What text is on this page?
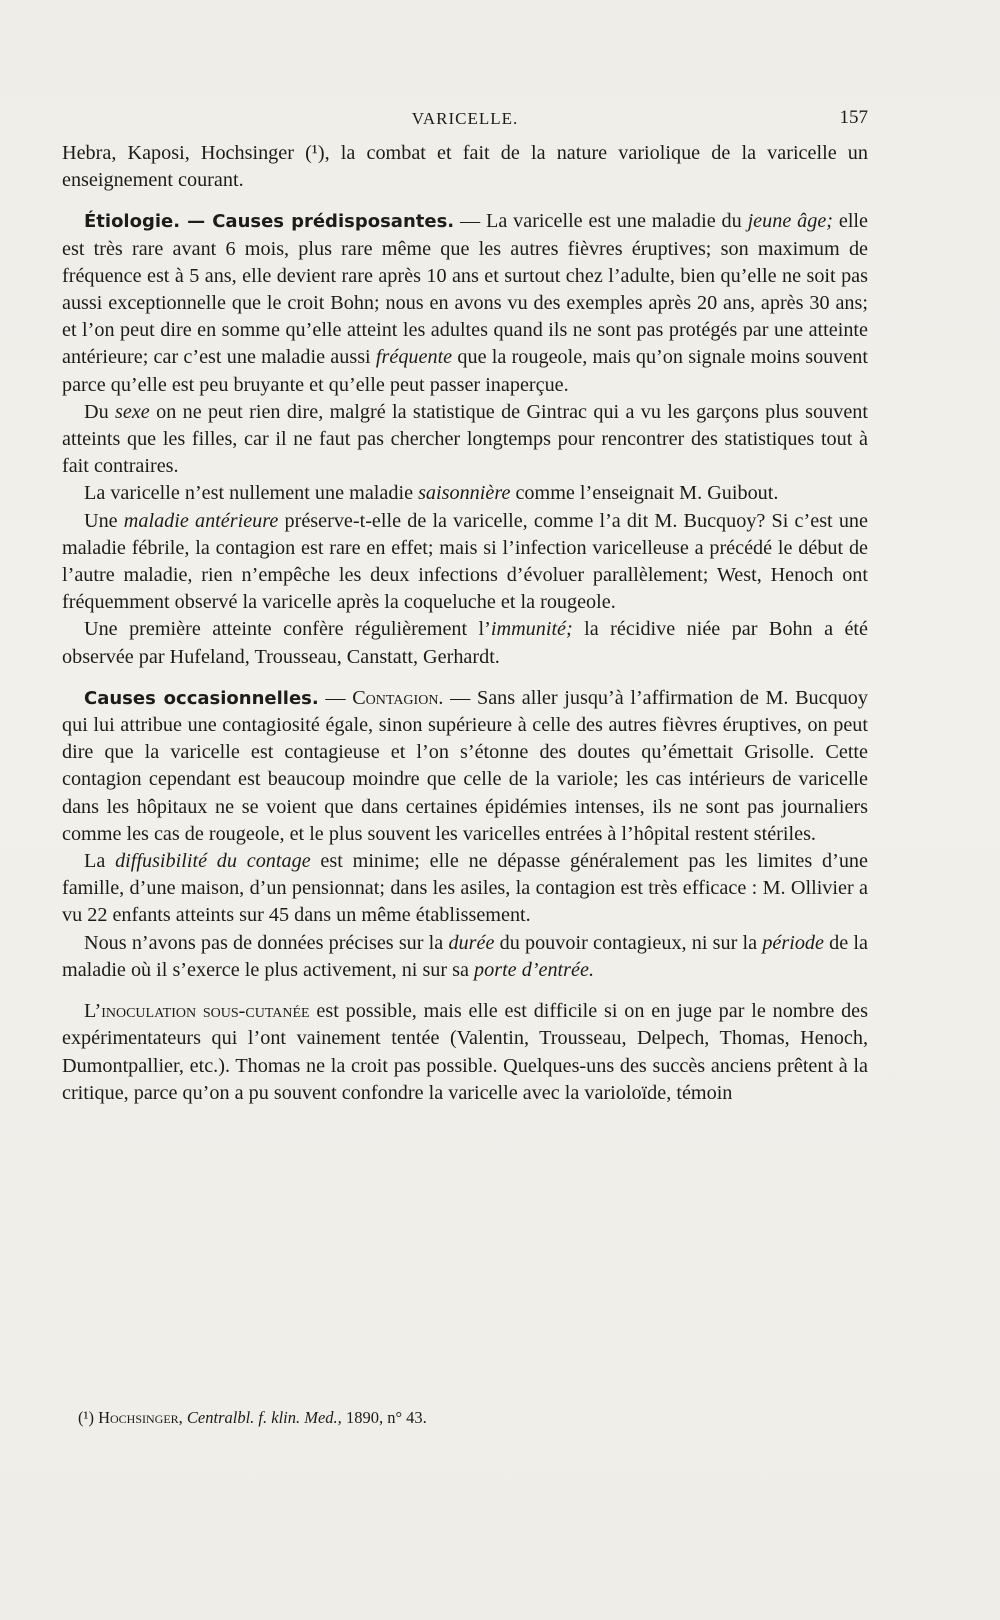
VARICELLE.	157

Hebra, Kaposi, Hochsinger (¹), la combat et fait de la nature variolique de la varicelle un enseignement courant.

Étiologie. — Causes prédisposantes. — La varicelle est une maladie du jeune âge; elle est très rare avant 6 mois, plus rare même que les autres fièvres éruptives; son maximum de fréquence est à 5 ans, elle devient rare après 10 ans et surtout chez l’adulte, bien qu’elle ne soit pas aussi exceptionnelle que le croit Bohn; nous en avons vu des exemples après 20 ans, après 30 ans; et l’on peut dire en somme qu’elle atteint les adultes quand ils ne sont pas protégés par une atteinte antérieure; car c’est une maladie aussi fréquente que la rougeole, mais qu’on signale moins souvent parce qu’elle est peu bruyante et qu’elle peut passer inaperçue.

Du sexe on ne peut rien dire, malgré la statistique de Gintrac qui a vu les garçons plus souvent atteints que les filles, car il ne faut pas chercher longtemps pour rencontrer des statistiques tout à fait contraires.

La varicelle n’est nullement une maladie saisonnière comme l’enseignait M. Guibout.

Une maladie antérieure préserve-t-elle de la varicelle, comme l’a dit M. Bucquoy? Si c’est une maladie fébrile, la contagion est rare en effet; mais si l’infection varicelleuse a précédé le début de l’autre maladie, rien n’empêche les deux infections d’évoluer parallèlement; West, Henoch ont fréquemment observé la varicelle après la coqueluche et la rougeole.

Une première atteinte confère régulièrement l’immunité; la récidive niée par Bohn a été observée par Hufeland, Trousseau, Canstatt, Gerhardt.

Causes occasionnelles. — Contagion. — Sans aller jusqu’à l’affirmation de M. Bucquoy qui lui attribue une contagiosité égale, sinon supérieure à celle des autres fièvres éruptives, on peut dire que la varicelle est contagieuse et l’on s’étonne des doutes qu’émettait Grisolle. Cette contagion cependant est beaucoup moindre que celle de la variole; les cas intérieurs de varicelle dans les hôpitaux ne se voient que dans certaines épidémies intenses, ils ne sont pas journaliers comme les cas de rougeole, et le plus souvent les varicelles entrées à l’hôpital restent stériles.

La diffusibilité du contage est minime; elle ne dépasse généralement pas les limites d’une famille, d’une maison, d’un pensionnat; dans les asiles, la contagion est très efficace : M. Ollivier a vu 22 enfants atteints sur 45 dans un même établissement.

Nous n’avons pas de données précises sur la durée du pouvoir contagieux, ni sur la période de la maladie où il s’exerce le plus activement, ni sur sa porte d’entrée.

L’inoculation sous-cutanée est possible, mais elle est difficile si on en juge par le nombre des expérimentateurs qui l’ont vainement tentée (Valentin, Trousseau, Delpech, Thomas, Henoch, Dumontpallier, etc.). Thomas ne la croit pas possible. Quelques-uns des succès anciens prêtent à la critique, parce qu’on a pu souvent confondre la varicelle avec la varioloïde, témoin

(¹) Hochsinger, Centralbl. f. klin. Med., 1890, n° 43.
